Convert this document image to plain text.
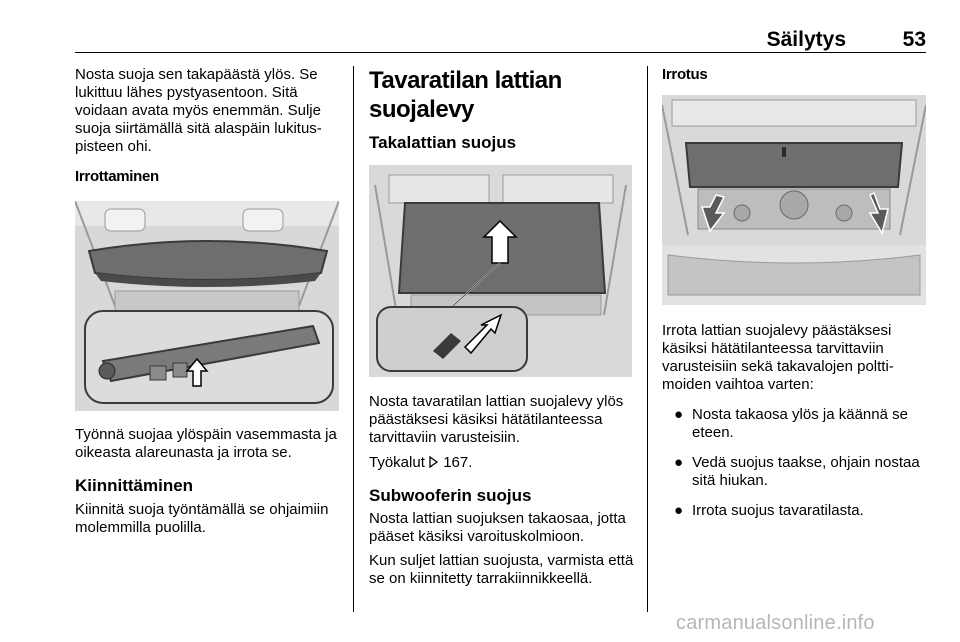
Säilytys	53

Nosta suoja sen takapäästä ylös. Se lukittuu lähes pystyasentoon. Sitä voidaan avata myös enemmän. Sulje suoja siirtämällä sitä alaspäin lukituspisteen ohi.

Irrottaminen

Työnnä suojaa ylöspäin vasemmasta ja oikeasta alareunasta ja irrota se.

Kiinnittäminen

Kiinnitä suoja työntämällä se ohjaimiin molemmilla puolilla.

Tavaratilan lattian suojalevy
Takalattian suojus

Nosta tavaratilan lattian suojalevy ylös päästäksesi käsiksi hätätilanteessa tarvittaviin varusteisiin.

Työkalut 167.

Subwooferin suojus

Nosta lattian suojuksen takaosaa, jotta pääset käsiksi varoituskolmioon.

Kun suljet lattian suojusta, varmista että se on kiinnitetty tarrakiinnikkeellä.

Irrotus

Irrota lattian suojalevy päästäksesi käsiksi hätätilanteessa tarvittaviin varusteisiin sekä takavalojen polttimoiden vaihtoa varten:

● Nosta takaosa ylös ja käännä se eteen.
● Vedä suojus taakse, ohjain nostaa sitä hiukan.
● Irrota suojus tavaratilasta.
carmanualsonline.info
